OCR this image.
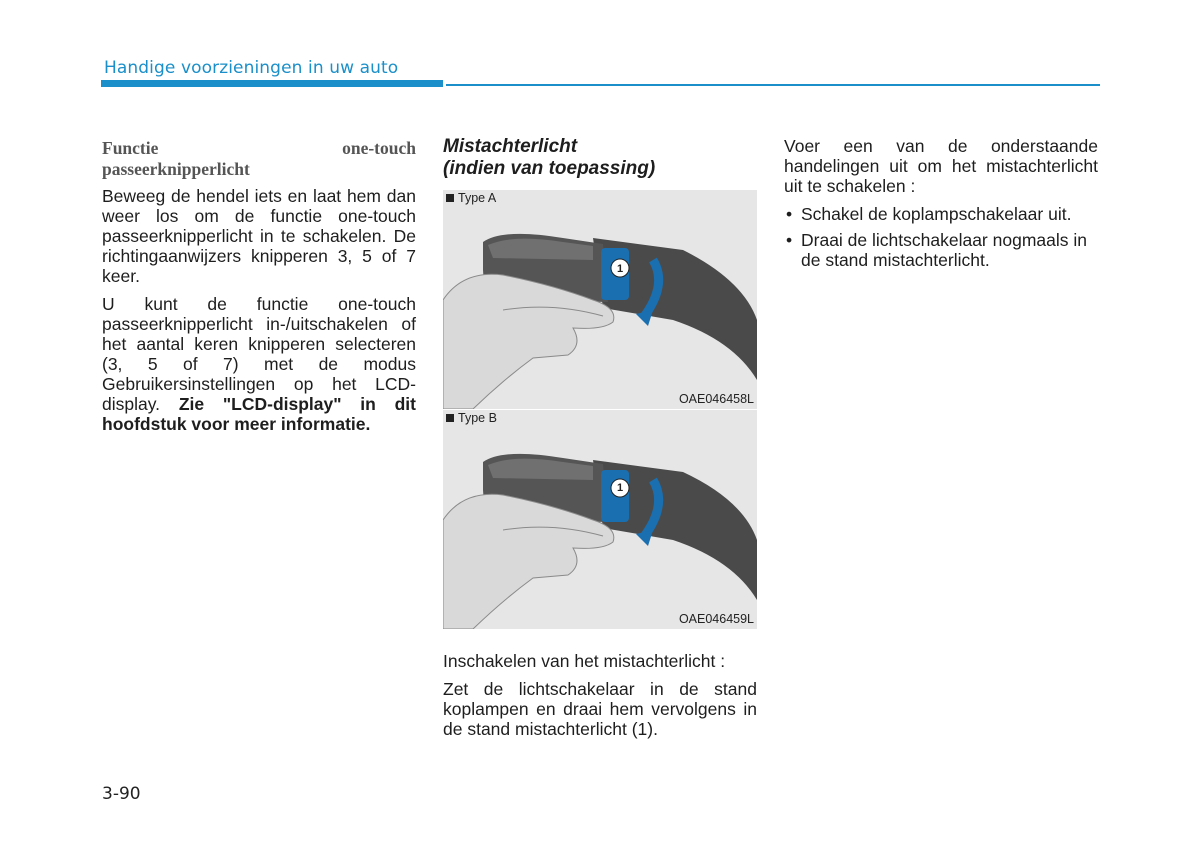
Handige voorzieningen in uw auto
Functie	one-touch
passeerknipperlicht

Beweeg de hendel iets en laat hem dan weer los om de functie one-touch passeerknipperlicht in te schakelen. De richtingaanwijzers knipperen 3, 5 of 7 keer.

U kunt de functie one-touch passeerknipperlicht in-/uitschakelen of het aantal keren knipperen selecteren (3, 5 of 7) met de modus Gebruikersinstellingen op het LCD-display. Zie "LCD-display" in dit hoofdstuk voor meer informatie.

Mistachterlicht
(indien van toepassing)
Type A
OAE046458L
Type B
OAE046459L
1
1

Inschakelen van het mistachterlicht :

Zet de lichtschakelaar in de stand koplampen en draai hem vervolgens in de stand mistachterlicht (1).

Voer een van de onderstaande handelingen uit om het mistachterlicht uit te schakelen :

• Schakel de koplampschakelaar uit.
• Draai de lichtschakelaar nogmaals in de stand mistachterlicht.
3-90
